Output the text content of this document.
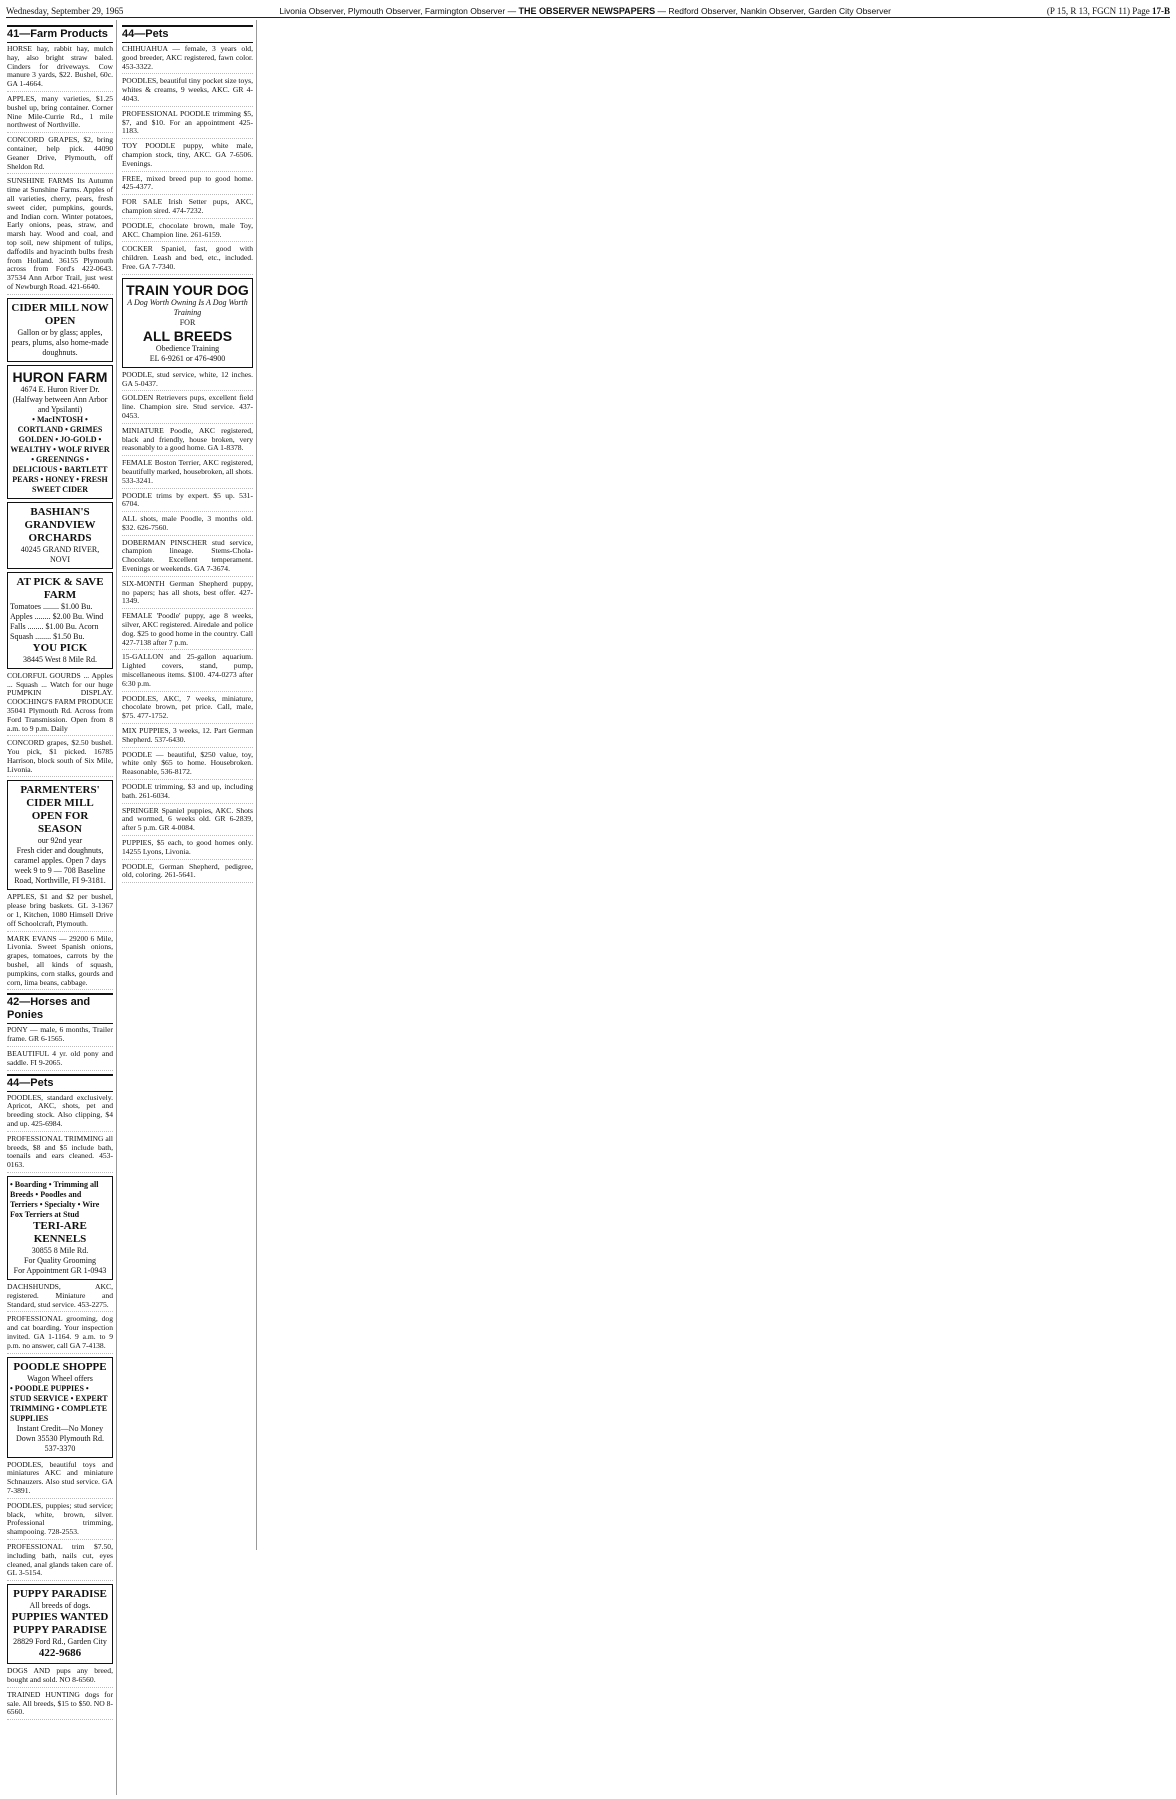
Wednesday, September 29, 1965	Livonia Observer, Plymouth Observer, Farmington Observer — THE OBSERVER NEWSPAPERS — Redford Observer, Nankin Observer, Garden City Observer	(P 15, R 13, FGCN 11) Page 17-B
41—Farm Products
HORSE hay, rabbit hay, mulch hay, also bright straw baled. Cinders for driveways. Cow manure 3 yards, $22. Bushel, 60c. GA 1-4664.
APPLES, many varieties, $1.25 bushel up, bring container. Corner Nine Mile-Currie Rd., 1 mile northwest of Northville.
CONCORD GRAPES, $2, bring container, help pick. 44090 Geaner Drive, Plymouth, off Sheldon Rd.
SUNSHINE FARMS Its Autumn time at Sunshine Farms. Apples of all varieties, cherry, pears, fresh sweet cider, pumpkins, gourds, and Indian corn. Winter potatoes, Early onions, peas, straw, and marsh hay. Wood and coal, and top soil, new shipment of tulips, daffodils and hyacinth bulbs fresh from Holland. 36155 Plymouth across from Ford's 422-0643. 37534 Ann Arbor Trail, just west of Newburgh Road. 421-6640.
CIDER MILL NOW OPEN
Gallon or by glass; apples, pears, plums, also home-made doughnuts.
HURON FARM
4674 E. Huron River Dr.
(Halfway between Ann Arbor and Ypsilanti)
• MacINTOSH • CORTLAND • GRIMES GOLDEN • JO-GOLD • WEALTHY • WOLF RIVER • GREENINGS • DELICIOUS • BARTLETT PEARS • HONEY • FRESH SWEET CIDER
BASHIAN'S
GRANDVIEW ORCHARDS
40245 GRAND RIVER, NOVI
AT PICK & SAVE FARM
Tomatoes ........ $1.00 Bu. Apples ........ $2.00 Bu. Wind Falls ........ $1.00 Bu. Acorn Squash ........ $1.50 Bu.
YOU PICK
38445 West 8 Mile Rd.
COLORFUL GOURDS ... Apples ... Squash ... Watch for our huge PUMPKIN DISPLAY. COOCHING'S FARM PRODUCE 35041 Plymouth Rd. Across from Ford Transmission. Open from 8 a.m. to 9 p.m. Daily
CONCORD grapes, $2.50 bushel. You pick, $1 picked. 16785 Harrison, block south of Six Mile, Livonia.
PARMENTERS' CIDER MILL
OPEN FOR SEASON
our 92nd year
Fresh cider and doughnuts, caramel apples. Open 7 days week 9 to 9 — 708 Baseline Road, Northville, FI 9-3181.
APPLES, $1 and $2 per bushel, please bring baskets. GL 3-1367 or 1, Kitchen, 1080 Himsell Drive off Schoolcraft, Plymouth.
MARK EVANS — 29200 6 Mile, Livonia. Sweet Spanish onions, grapes, tomatoes, carrots by the bushel, all kinds of squash, pumpkins, corn stalks, gourds and corn, lima beans, cabbage.
42—Horses and Ponies
PONY — male, 6 months, Trailer frame. GR 6-1565.
BEAUTIFUL 4 yr. old pony and saddle. FI 9-2065.
44—Pets
POODLES, standard exclusively. Apricot, AKC, shots, pet and breeding stock. Also clipping, $4 and up. 425-6984.
PROFESSIONAL TRIMMING all breeds, $8 and $5 include bath, toenails and ears cleaned. 453-0163.
• Boarding • Trimming all Breeds • Poodles and Terriers • Specialty • Wire Fox Terriers at Stud
TERI-ARE KENNELS
30855 8 Mile Rd.
For Quality Grooming
For Appointment GR 1-0943
DACHSHUNDS, AKC, registered. Miniature and Standard, stud service. 453-2275.
PROFESSIONAL grooming, dog and cat boarding. Your inspection invited. GA 1-1164. 9 a.m. to 9 p.m. no answer, call GA 7-4138.
POODLE SHOPPE
Wagon Wheel offers
• POODLE PUPPIES • STUD SERVICE • EXPERT TRIMMING • COMPLETE SUPPLIES
Instant Credit—No Money Down 35530 Plymouth Rd. 537-3370
POODLES, beautiful toys and miniatures AKC and miniature Schnauzers. Also stud service. GA 7-3891.
POODLES, puppies; stud service; black, white, brown, silver. Professional trimming, shampooing. 728-2553.
PROFESSIONAL trim $7.50, including bath, nails cut, eyes cleaned, anal glands taken care of. GL 3-5154.
PUPPY PARADISE
All breeds of dogs.
PUPPIES WANTED
PUPPY PARADISE
28829 Ford Rd., Garden City
422-9686
DOGS AND pups any breed, bought and sold. NO 8-6560.
TRAINED HUNTING dogs for sale. All breeds, $15 to $50. NO 8-6560.
44—Pets
CHIHUAHUA — female, 3 years old, good breeder, AKC registered, fawn color. 453-3322.
POODLES, beautiful tiny pocket size toys, whites & creams, 9 weeks, AKC. GR 4-4043.
PROFESSIONAL POODLE trimming $5, $7, and $10. For an appointment 425-1183.
TOY POODLE puppy, white male, champion stock, tiny, AKC. GA 7-6506. Evenings.
FREE, mixed breed pup to good home. 425-4377.
FOR SALE Irish Setter pups, AKC, champion sired. 474-7232.
POODLE, chocolate brown, male Toy, AKC. Champion line. 261-6159.
COCKER Spaniel, fast, good with children. Leash and bed, etc., included. Free. GA 7-7340.
TRAIN YOUR DOG
A Dog Worth Owning Is A Dog Worth Training
FOR
ALL BREEDS
Obedience Training
EL 6-9261 or 476-4900
POODLE, stud service, white, 12 inches. GA 5-0437.
GOLDEN Retrievers pups, excellent field line. Champion sire. Stud service. 437-0453.
MINIATURE Poodle, AKC registered, black and friendly, house broken, very reasonably to a good home. GA 1-8378.
FEMALE Boston Terrier, AKC registered, beautifully marked, housebroken, all shots. 533-3241.
POODLE trims by expert. $5 up. 531-6704.
ALL shots, male Poodle, 3 months old. $32. 626-7560.
DOBERMAN PINSCHER stud service, champion lineage. Stems-Chola-Chocolate. Excellent temperament. Evenings or weekends. GA 7-3674.
SIX-MONTH German Shepherd puppy, no papers; has all shots, best offer. 427-1349.
FEMALE 'Poodle' puppy, age 8 weeks, silver, AKC registered. Airedale and police dog. $25 to good home in the country. Call 427-7138 after 7 p.m.
15-GALLON and 25-gallon aquarium. Lighted covers, stand, pump, miscellaneous items. $100. 474-0273 after 6:30 p.m.
POODLES, AKC, 7 weeks, miniature, chocolate brown, pet price. Call, male, $75. 477-1752.
MIX PUPPIES, 3 weeks, 12. Part German Shepherd. 537-6430.
POODLE — beautiful, $250 value, toy, white only $65 to home. Housebroken. Reasonable, 536-8172.
POODLE trimming, $3 and up, including bath. 261-6034.
SPRINGER Spaniel puppies, AKC. Shots and wormed, 6 weeks old. GR 6-2839, after 5 p.m. GR 4-0084.
PUPPIES, $5 each, to good homes only. 14255 Lyons, Livonia.
POODLE, German Shepherd, pedigree, old, coloring. 261-5641.
